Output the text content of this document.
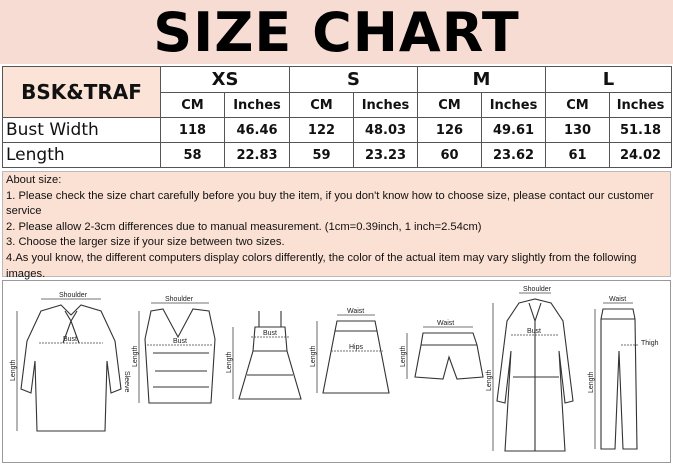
SIZE CHART
BSK&TRAF	XS		S		M		L	
	CM	Inches	CM	Inches	CM	Inches	CM	Inches
Bust Width	118	46.46	122	48.03	126	49.61	130	51.18
Length	58	22.83	59	23.23	60	23.62	61	24.02

About size:

1. Please check the size chart carefully before you buy the item, if you don't know how to choose size, please contact our customer service

2. Please allow 2-3cm differences due to manual measurement. (1cm=0.39inch, 1 inch=2.54cm)

3. Choose the larger size if your size between two sizes.

4.As youl know, the different computers display colors differently, the color of the actual item may vary slightly from the following images.

Shoulder
Bust
Length
Sleeve
Shoulder
Bust
Length
Bust
Length
Waist
Hips
Length
Waist
Length
Shoulder
Bust
Length
Waist
Thigh
Length
